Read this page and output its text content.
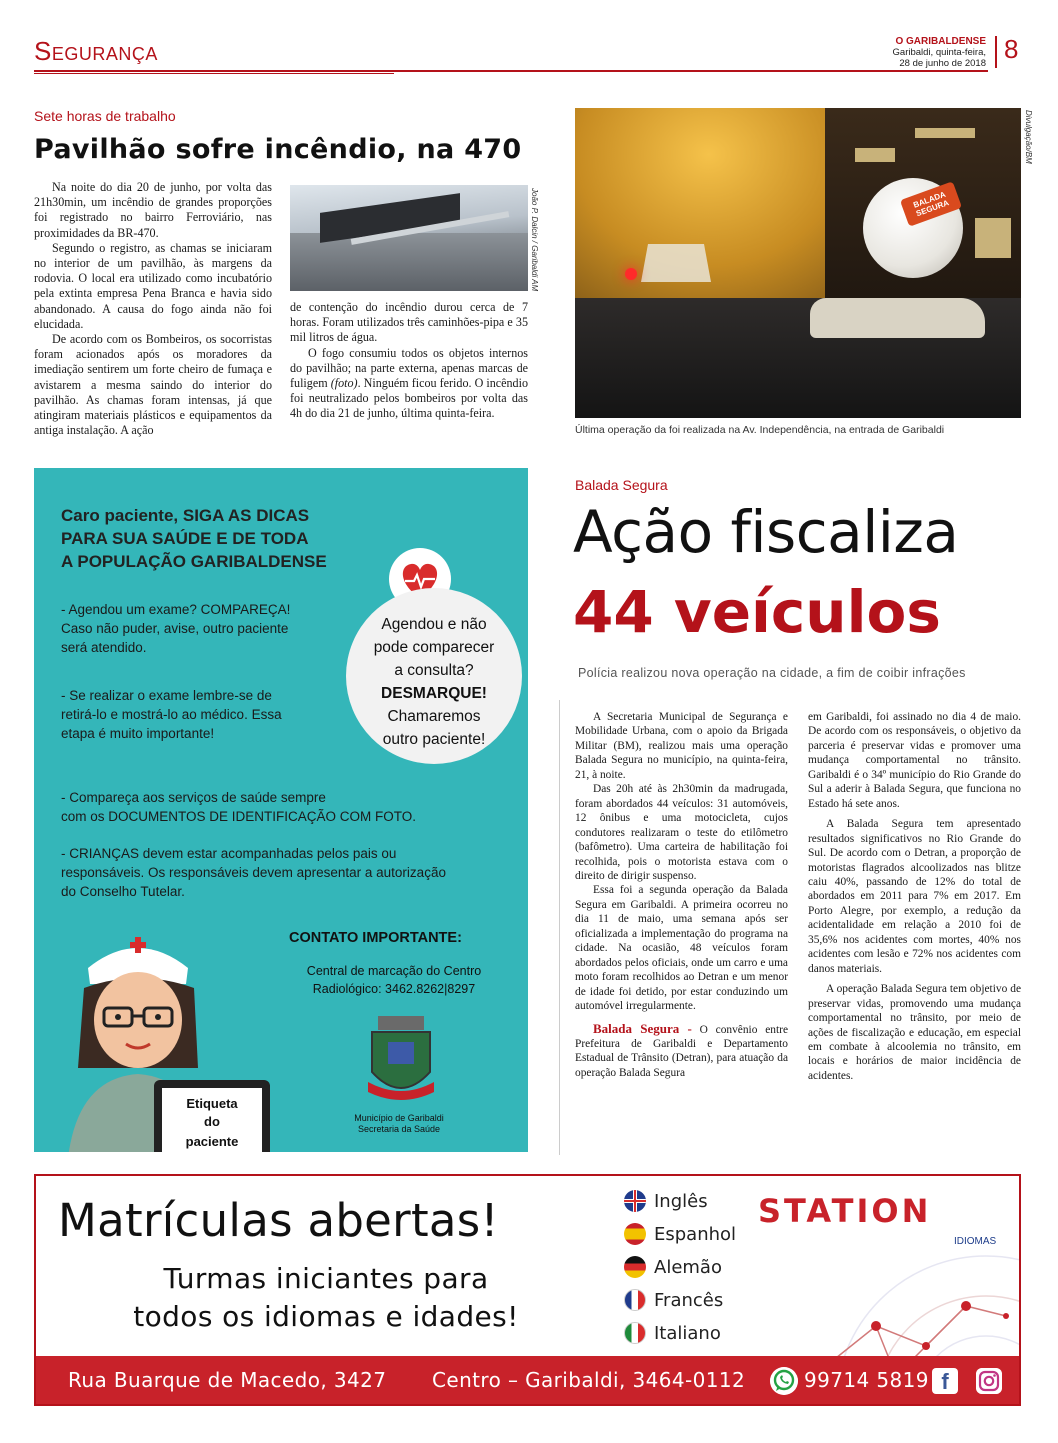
Segurança	O GARIBALDENSE
Garibaldi, quinta-feira,
28 de junho de 2018 8
Sete horas de trabalho
Pavilhão sofre incêndio, na 470

Na noite do dia 20 de junho, por volta das 21h30min, um incêndio de grandes proporções foi registrado no bairro Ferroviário, nas proximidades da BR-470.

Segundo o registro, as chamas se iniciaram no interior de um pavilhão, às margens da rodovia. O local era utilizado como incubatório pela extinta empresa Pena Branca e havia sido abandonado. A causa do fogo ainda não foi elucidada.

De acordo com os Bombeiros, os socorristas foram acionados após os moradores da imediação sentirem um forte cheiro de fumaça e avistarem a mesma saindo do interior do pavilhão. As chamas foram intensas, já que atingiram materiais plásticos e equipamentos da antiga instalação. A ação

João P. Dalcin / Garibaldi AM

de contenção do incêndio durou cerca de 7 horas. Foram utilizados três caminhões-pipa e 35 mil litros de água.

O fogo consumiu todos os objetos internos do pavilhão; na parte externa, apenas marcas de fuligem (foto). Ninguém ficou ferido. O incêndio foi neutralizado pelos bombeiros por volta das 4h do dia 21 de junho, última quinta-feira.

BALADA SEGURA
Divulgação/BM
Última operação da foi realizada na Av. Independência, na entrada de Garibaldi
Balada Segura
Ação fiscaliza
44 veículos
Polícia realizou nova operação na cidade, a fim de coibir infrações

A Secretaria Municipal de Segurança e Mobilidade Urbana, com o apoio da Brigada Militar (BM), realizou mais uma operação Balada Segura no município, na quinta-feira, 21, à noite.

Das 20h até às 2h30min da madrugada, foram abordados 44 veículos: 31 automóveis, 12 ônibus e uma motocicleta, cujos condutores realizaram o teste do etilômetro (bafômetro). Uma carteira de habilitação foi recolhida, pois o motorista estava com o direito de dirigir suspenso.

Essa foi a segunda operação da Balada Segura em Garibaldi. A primeira ocorreu no dia 11 de maio, uma semana após ser oficializada a implementação do programa na cidade. Na ocasião, 48 veículos foram abordados pelos oficiais, onde um carro e uma moto foram recolhidos ao Detran e um menor de idade foi detido, por estar conduzindo um automóvel irregularmente.

Balada Segura - O convênio entre Prefeitura de Garibaldi e Departamento Estadual de Trânsito (Detran), para atuação da operação Balada Segura

em Garibaldi, foi assinado no dia 4 de maio. De acordo com os responsáveis, o objetivo da parceria é preservar vidas e promover uma mudança comportamental no trânsito. Garibaldi é o 34º município do Rio Grande do Sul a aderir à Balada Segura, que funciona no Estado há sete anos.

A Balada Segura tem apresentado resultados significativos no Rio Grande do Sul. De acordo com o Detran, a proporção de motoristas flagrados alcoolizados nas blitze caiu 40%, passando de 12% do total de abordados em 2011 para 7% em 2017. Em Porto Alegre, por exemplo, a redução da acidentalidade em relação a 2010 foi de 35,6% nos acidentes com mortes, 40% nos acidentes com lesão e 72% nos acidentes com danos materiais.

A operação Balada Segura tem objetivo de preservar vidas, promovendo uma mudança comportamental no trânsito, por meio de ações de fiscalização e educação, em especial em combate à alcoolemia no trânsito, em locais e horários de maior incidência de acidentes.

Caro paciente, SIGA AS DICAS
PARA SUA SAÚDE E DE TODA
A POPULAÇÃO GARIBALDENSE
- Agendou um exame? COMPAREÇA!
Caso não puder, avise, outro paciente
será atendido.
- Se realizar o exame lembre-se de
retirá-lo e mostrá-lo ao médico. Essa
etapa é muito importante!
- Compareça aos serviços de saúde sempre
com os DOCUMENTOS DE IDENTIFICAÇÃO COM FOTO.
- CRIANÇAS devem estar acompanhadas pelos pais ou
responsáveis. Os responsáveis devem apresentar a autorização
do Conselho Tutelar.
Agendou e não
pode comparecer
a consulta?
DESMARQUE!
Chamaremos
outro paciente!
CONTATO IMPORTANTE:
Central de marcação do Centro
Radiológico: 3462.8262|8297
Etiqueta
do
paciente
Município de Garibaldi
Secretaria da Saúde
Matrículas abertas!
Turmas iniciantes para
todos os idiomas e idades!
Inglês
Espanhol
Alemão
Francês
Italiano
STATION
IDIOMAS
Rua Buarque de Macedo, 3427 Centro – Garibaldi, 3464-0112	99714 5819 f
